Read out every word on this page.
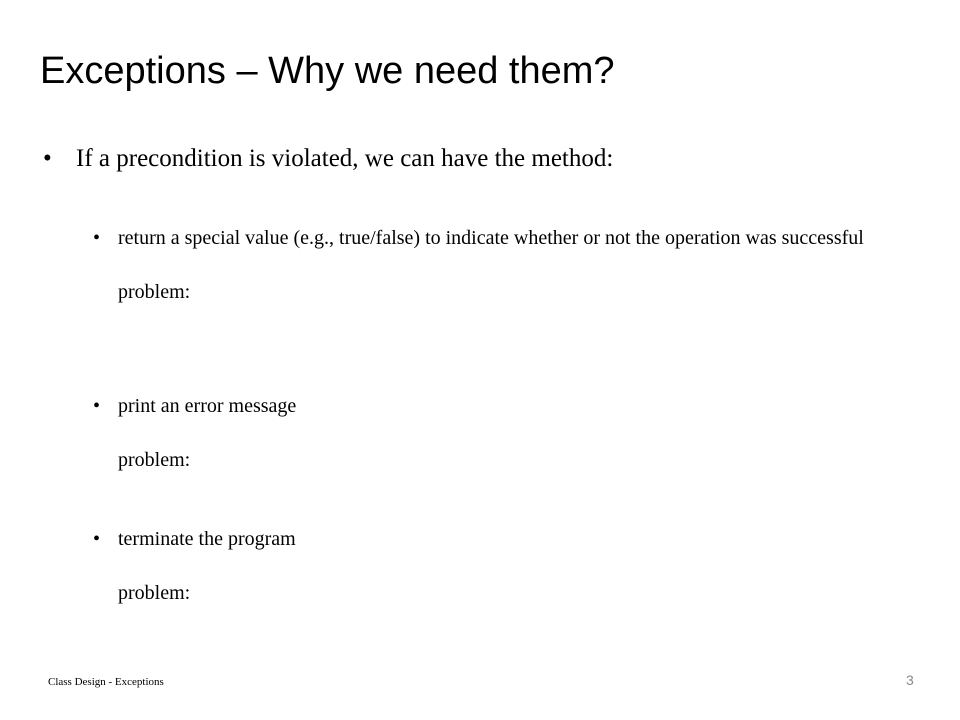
Exceptions – Why we need them?
• If a precondition is violated, we can have the method:
• return a special value (e.g., true/false) to indicate whether or not the operation was successful
problem:
• print an error message
problem:
• terminate the program
problem:
Class Design - Exceptions	3
